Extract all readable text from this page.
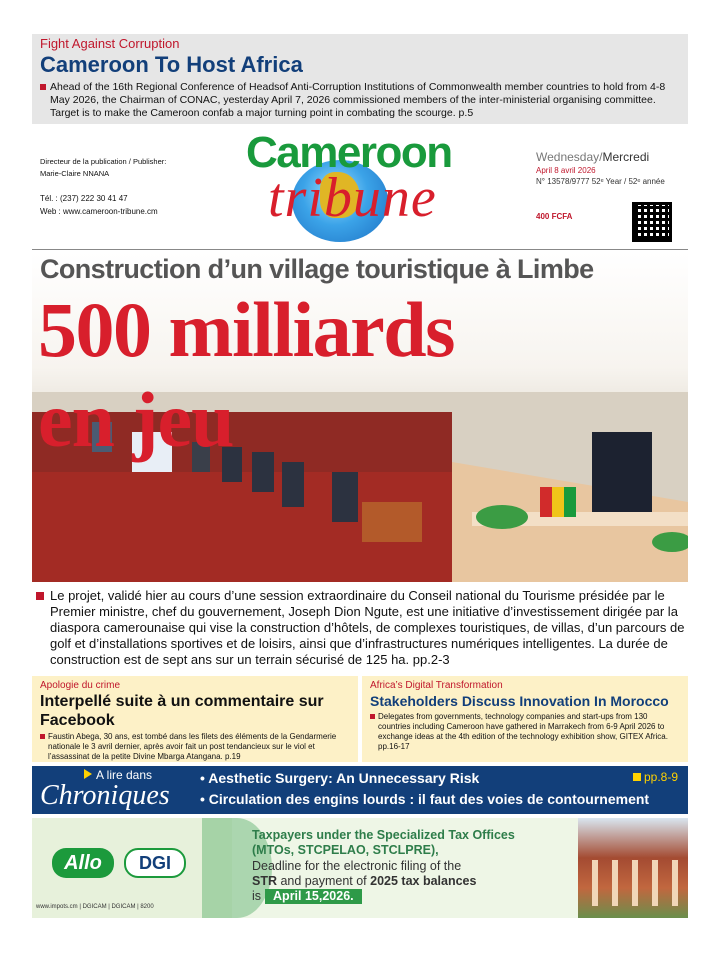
Fight Against Corruption
Cameroon To Host Africa
Ahead of the 16th Regional Conference of Headsof Anti-Corruption Institutions of Commonwealth member countries to hold from 4-8 May 2026, the Chairman of CONAC, yesterday April 7, 2026 commissioned members of the inter-ministerial organising committee. Target is to make the Cameroon confab a major turning point in combating the scourge. p.5
Directeur de la publication / Publisher:
Marie-Claire NNANA
Tél. : (237) 222 30 41 47
Web : www.cameroon-tribune.cm
Cameroon
tribune
Wednesday/Mercredi
April 8 avril 2026
N° 13578/9777 52ᵉ Year / 52ᵉ année
400 FCFA
Construction d’un village touristique à Limbe
500 milliards
en jeu
Le projet, validé hier au cours d’une session extraordinaire du Conseil national du Tourisme présidée par le Premier ministre, chef du gouvernement, Joseph Dion Ngute, est une initiative d’investissement dirigée par la diaspora camerounaise qui vise la construction d’hôtels, de complexes touristiques, de villas, d’un parcours de golf et d’installations sportives et de loisirs, ainsi que d’infrastructures numériques intelligentes. La durée de construction est de sept ans sur un terrain sécurisé de 125 ha. pp.2-3
Apologie du crime
Interpellé suite à un commentaire sur Facebook
Faustin Abega, 30 ans, est tombé dans les filets des éléments de la Gendarmerie nationale le 3 avril dernier, après avoir fait un post tendancieux sur le viol et l’assassinat de la petite Divine Mbarga Atangana. p.19
Africa’s Digital Transformation
Stakeholders Discuss Innovation In Morocco
Delegates from governments, technology companies and start-ups from 130 countries including Cameroon have gathered in Marrakech from 6-9 April 2026 to exchange ideas at the 4th edition of the technology exhibition show, GITEX Africa. pp.16-17
A lire dans
Chroniques
• Aesthetic Surgery: An Unnecessary Risk
• Circulation des engins lourds : il faut des voies de contournement
pp.8-9
Allo	DGI
www.impots.cm | DGICAM | DGICAM | 8200
Taxpayers under the Specialized Tax Offices
(MTOs, STCPELAO, STCLPRE),
Deadline for the electronic filing of the
STR and payment of 2025 tax balances
is April 15,2026.
